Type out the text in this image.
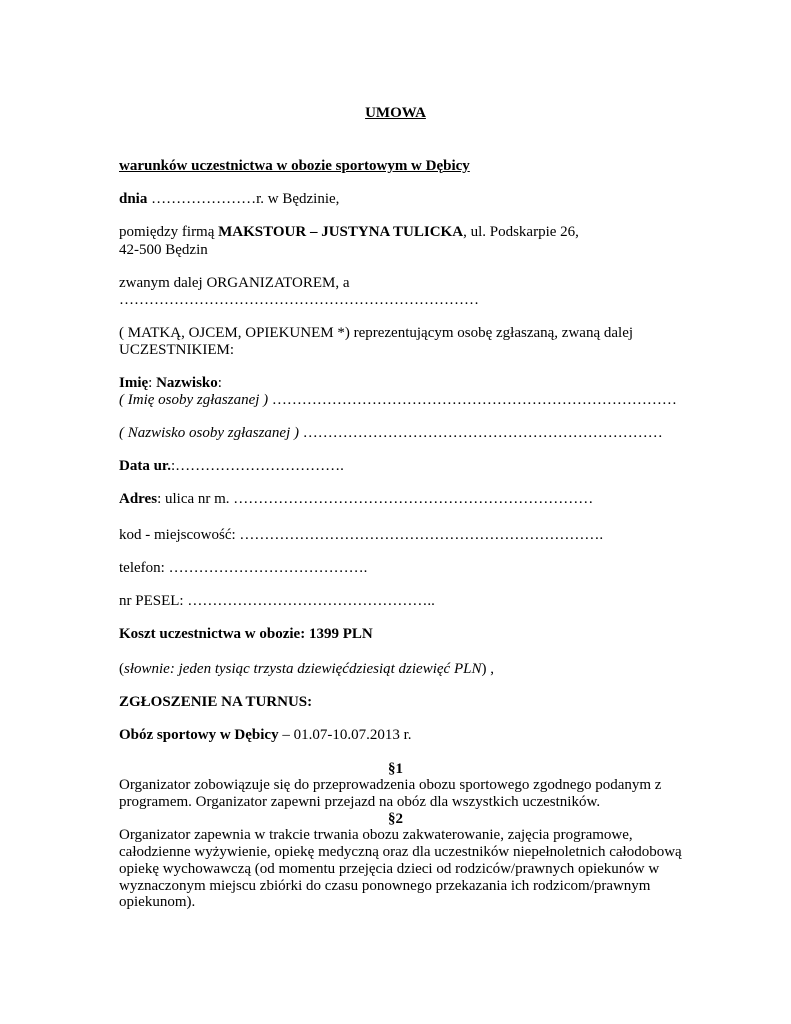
UMOWA
warunków uczestnictwa w obozie sportowym w Dębicy
dnia …………………r. w Będzinie,
pomiędzy firmą MAKSTOUR – JUSTYNA TULICKA, ul. Podskarpie 26,
42-500 Będzin
zwanym dalej ORGANIZATOREM, a
………………………………………………………………
( MATKĄ, OJCEM, OPIEKUNEM *) reprezentującym osobę zgłaszaną, zwaną dalej
UCZESTNIKIEM:
Imię: Nazwisko:
( Imię osoby zgłaszanej ) ………………………………………………………………………
( Nazwisko osoby zgłaszanej ) ………………………………………………………………
Data ur.:…………………………….
Adres: ulica nr m. ………………………………………………………………
kod - miejscowość: ……………………………………………………………….
telefon: ………………………………….
nr PESEL: …………………………………………..
Koszt uczestnictwa w obozie: 1399 PLN
(słownie: jeden tysiąc trzysta dziewięćdziesiąt dziewięć PLN) ,
ZGŁOSZENIE NA TURNUS:
Obóz sportowy w Dębicy – 01.07-10.07.2013 r.
§1
Organizator zobowiązuje się do przeprowadzenia obozu sportowego zgodnego podanym z
programem. Organizator zapewni przejazd na obóz dla wszystkich uczestników.
§2
Organizator zapewnia w trakcie trwania obozu zakwaterowanie, zajęcia programowe,
całodzienne wyżywienie, opiekę medyczną oraz dla uczestników niepełnoletnich całodobową
opiekę wychowawczą (od momentu przejęcia dzieci od rodziców/prawnych opiekunów w
wyznaczonym miejscu zbiórki do czasu ponownego przekazania ich rodzicom/prawnym
opiekunom).
